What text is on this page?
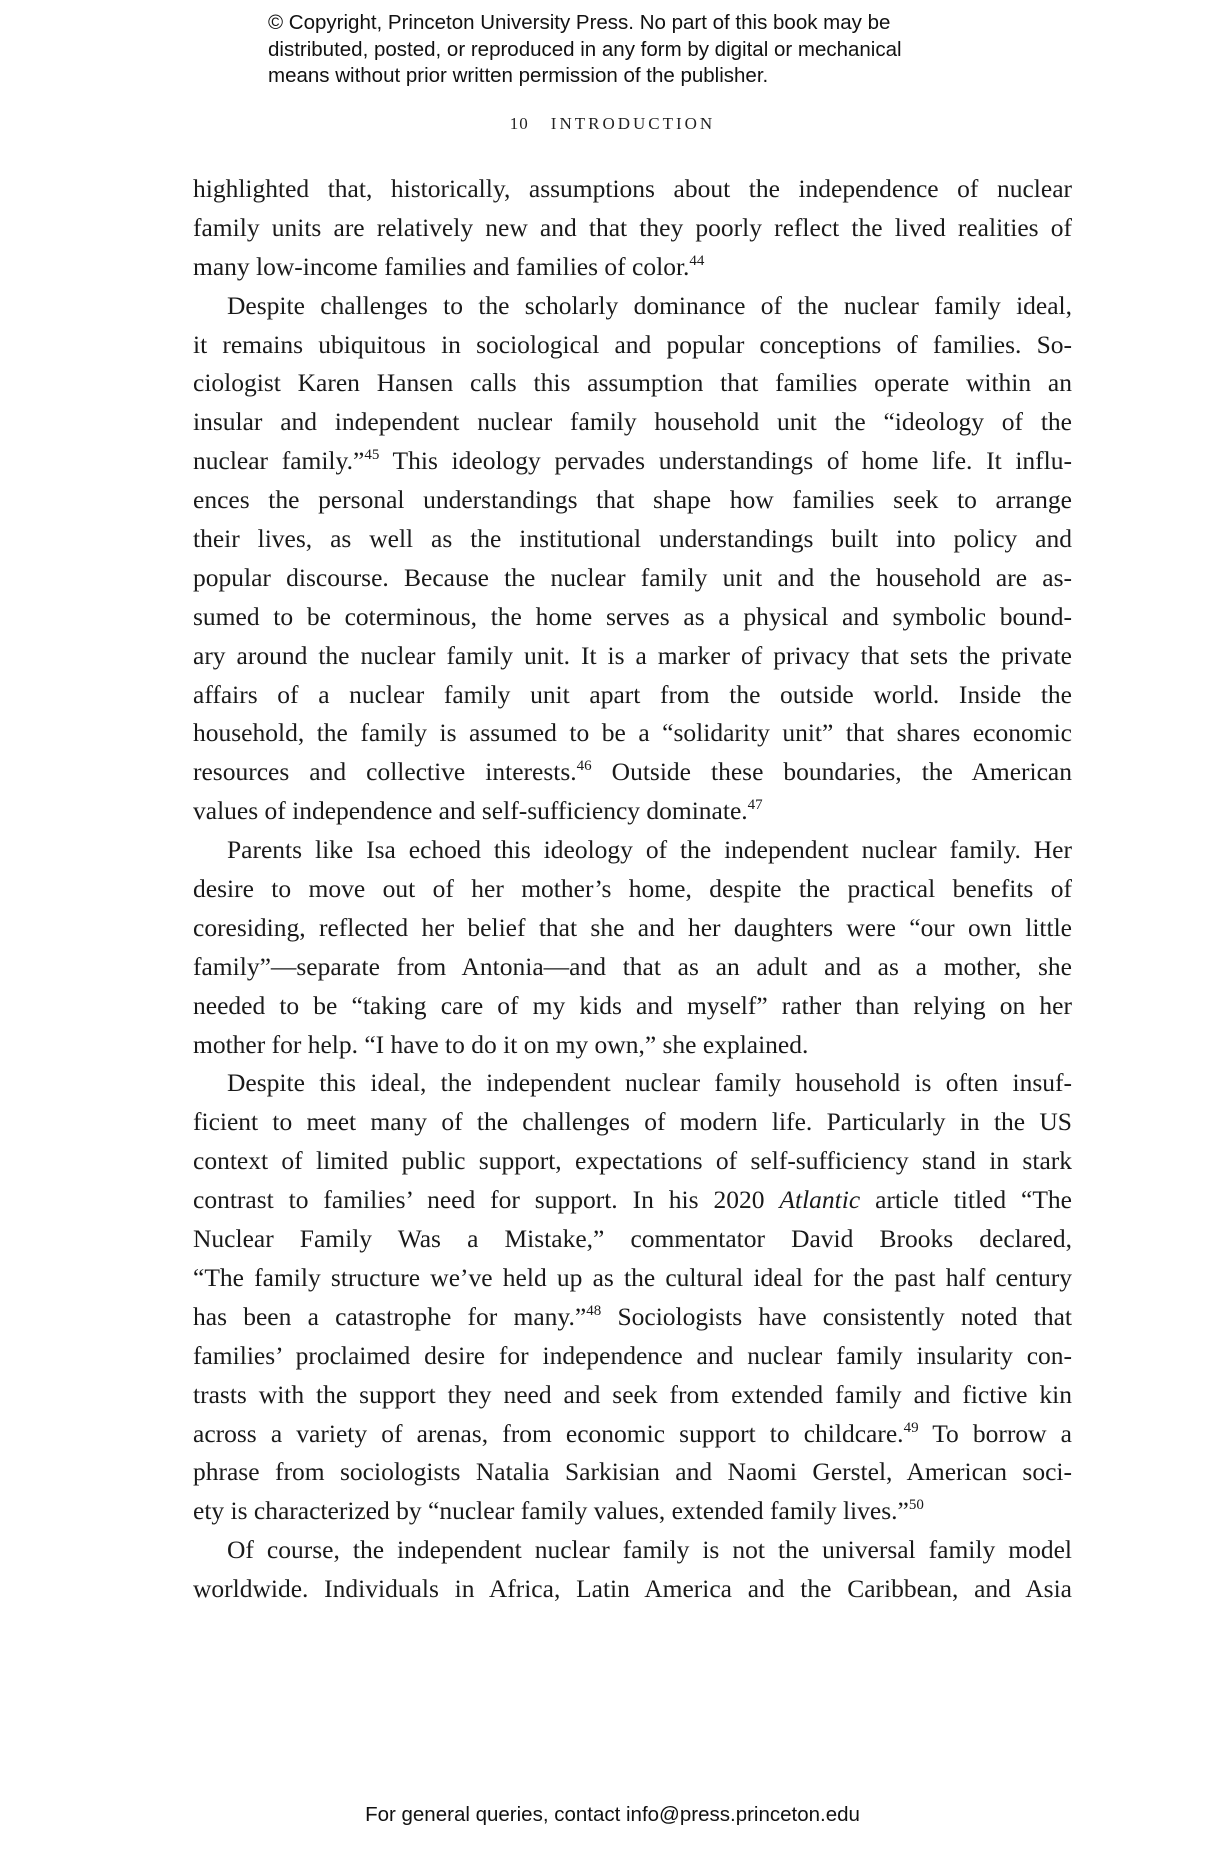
© Copyright, Princeton University Press. No part of this book may be
distributed, posted, or reproduced in any form by digital or mechanical
means without prior written permission of the publisher.
10 INTRODUCTION
highlighted that, historically, assumptions about the independence of nuclear
family units are relatively new and that they poorly reflect the lived realities of
many low-income families and families of color.$^{44}$
Despite challenges to the scholarly dominance of the nuclear family ideal,
it remains ubiquitous in sociological and popular conceptions of families. So-
ciologist Karen Hansen calls this assumption that families operate within an
insular and independent nuclear family household unit the “ideology of the
nuclear family.”$^{45}$ This ideology pervades understandings of home life. It influ-
ences the personal understandings that shape how families seek to arrange
their lives, as well as the institutional understandings built into policy and
popular discourse. Because the nuclear family unit and the household are as-
sumed to be coterminous, the home serves as a physical and symbolic bound-
ary around the nuclear family unit. It is a marker of privacy that sets the private
affairs of a nuclear family unit apart from the outside world. Inside the
household, the family is assumed to be a “solidarity unit” that shares economic
resources and collective interests.$^{46}$ Outside these boundaries, the American
values of independence and self-sufficiency dominate.$^{47}$
Parents like Isa echoed this ideology of the independent nuclear family. Her
desire to move out of her mother’s home, despite the practical benefits of
coresiding, reflected her belief that she and her daughters were “our own little
family”—separate from Antonia—and that as an adult and as a mother, she
needed to be “taking care of my kids and myself” rather than relying on her
mother for help. “I have to do it on my own,” she explained.
Despite this ideal, the independent nuclear family household is often insuf-
ficient to meet many of the challenges of modern life. Particularly in the US
context of limited public support, expectations of self-sufficiency stand in stark
contrast to families’ need for support. In his 2020 Atlantic article titled “The
Nuclear Family Was a Mistake,” commentator David Brooks declared,
“The family structure we’ve held up as the cultural ideal for the past half century
has been a catastrophe for many.”$^{48}$ Sociologists have consistently noted that
families’ proclaimed desire for independence and nuclear family insularity con-
trasts with the support they need and seek from extended family and fictive kin
across a variety of arenas, from economic support to childcare.$^{49}$ To borrow a
phrase from sociologists Natalia Sarkisian and Naomi Gerstel, American soci-
ety is characterized by “nuclear family values, extended family lives.”$^{50}$
Of course, the independent nuclear family is not the universal family model
worldwide. Individuals in Africa, Latin America and the Caribbean, and Asia
For general queries, contact info@press.princeton.edu
